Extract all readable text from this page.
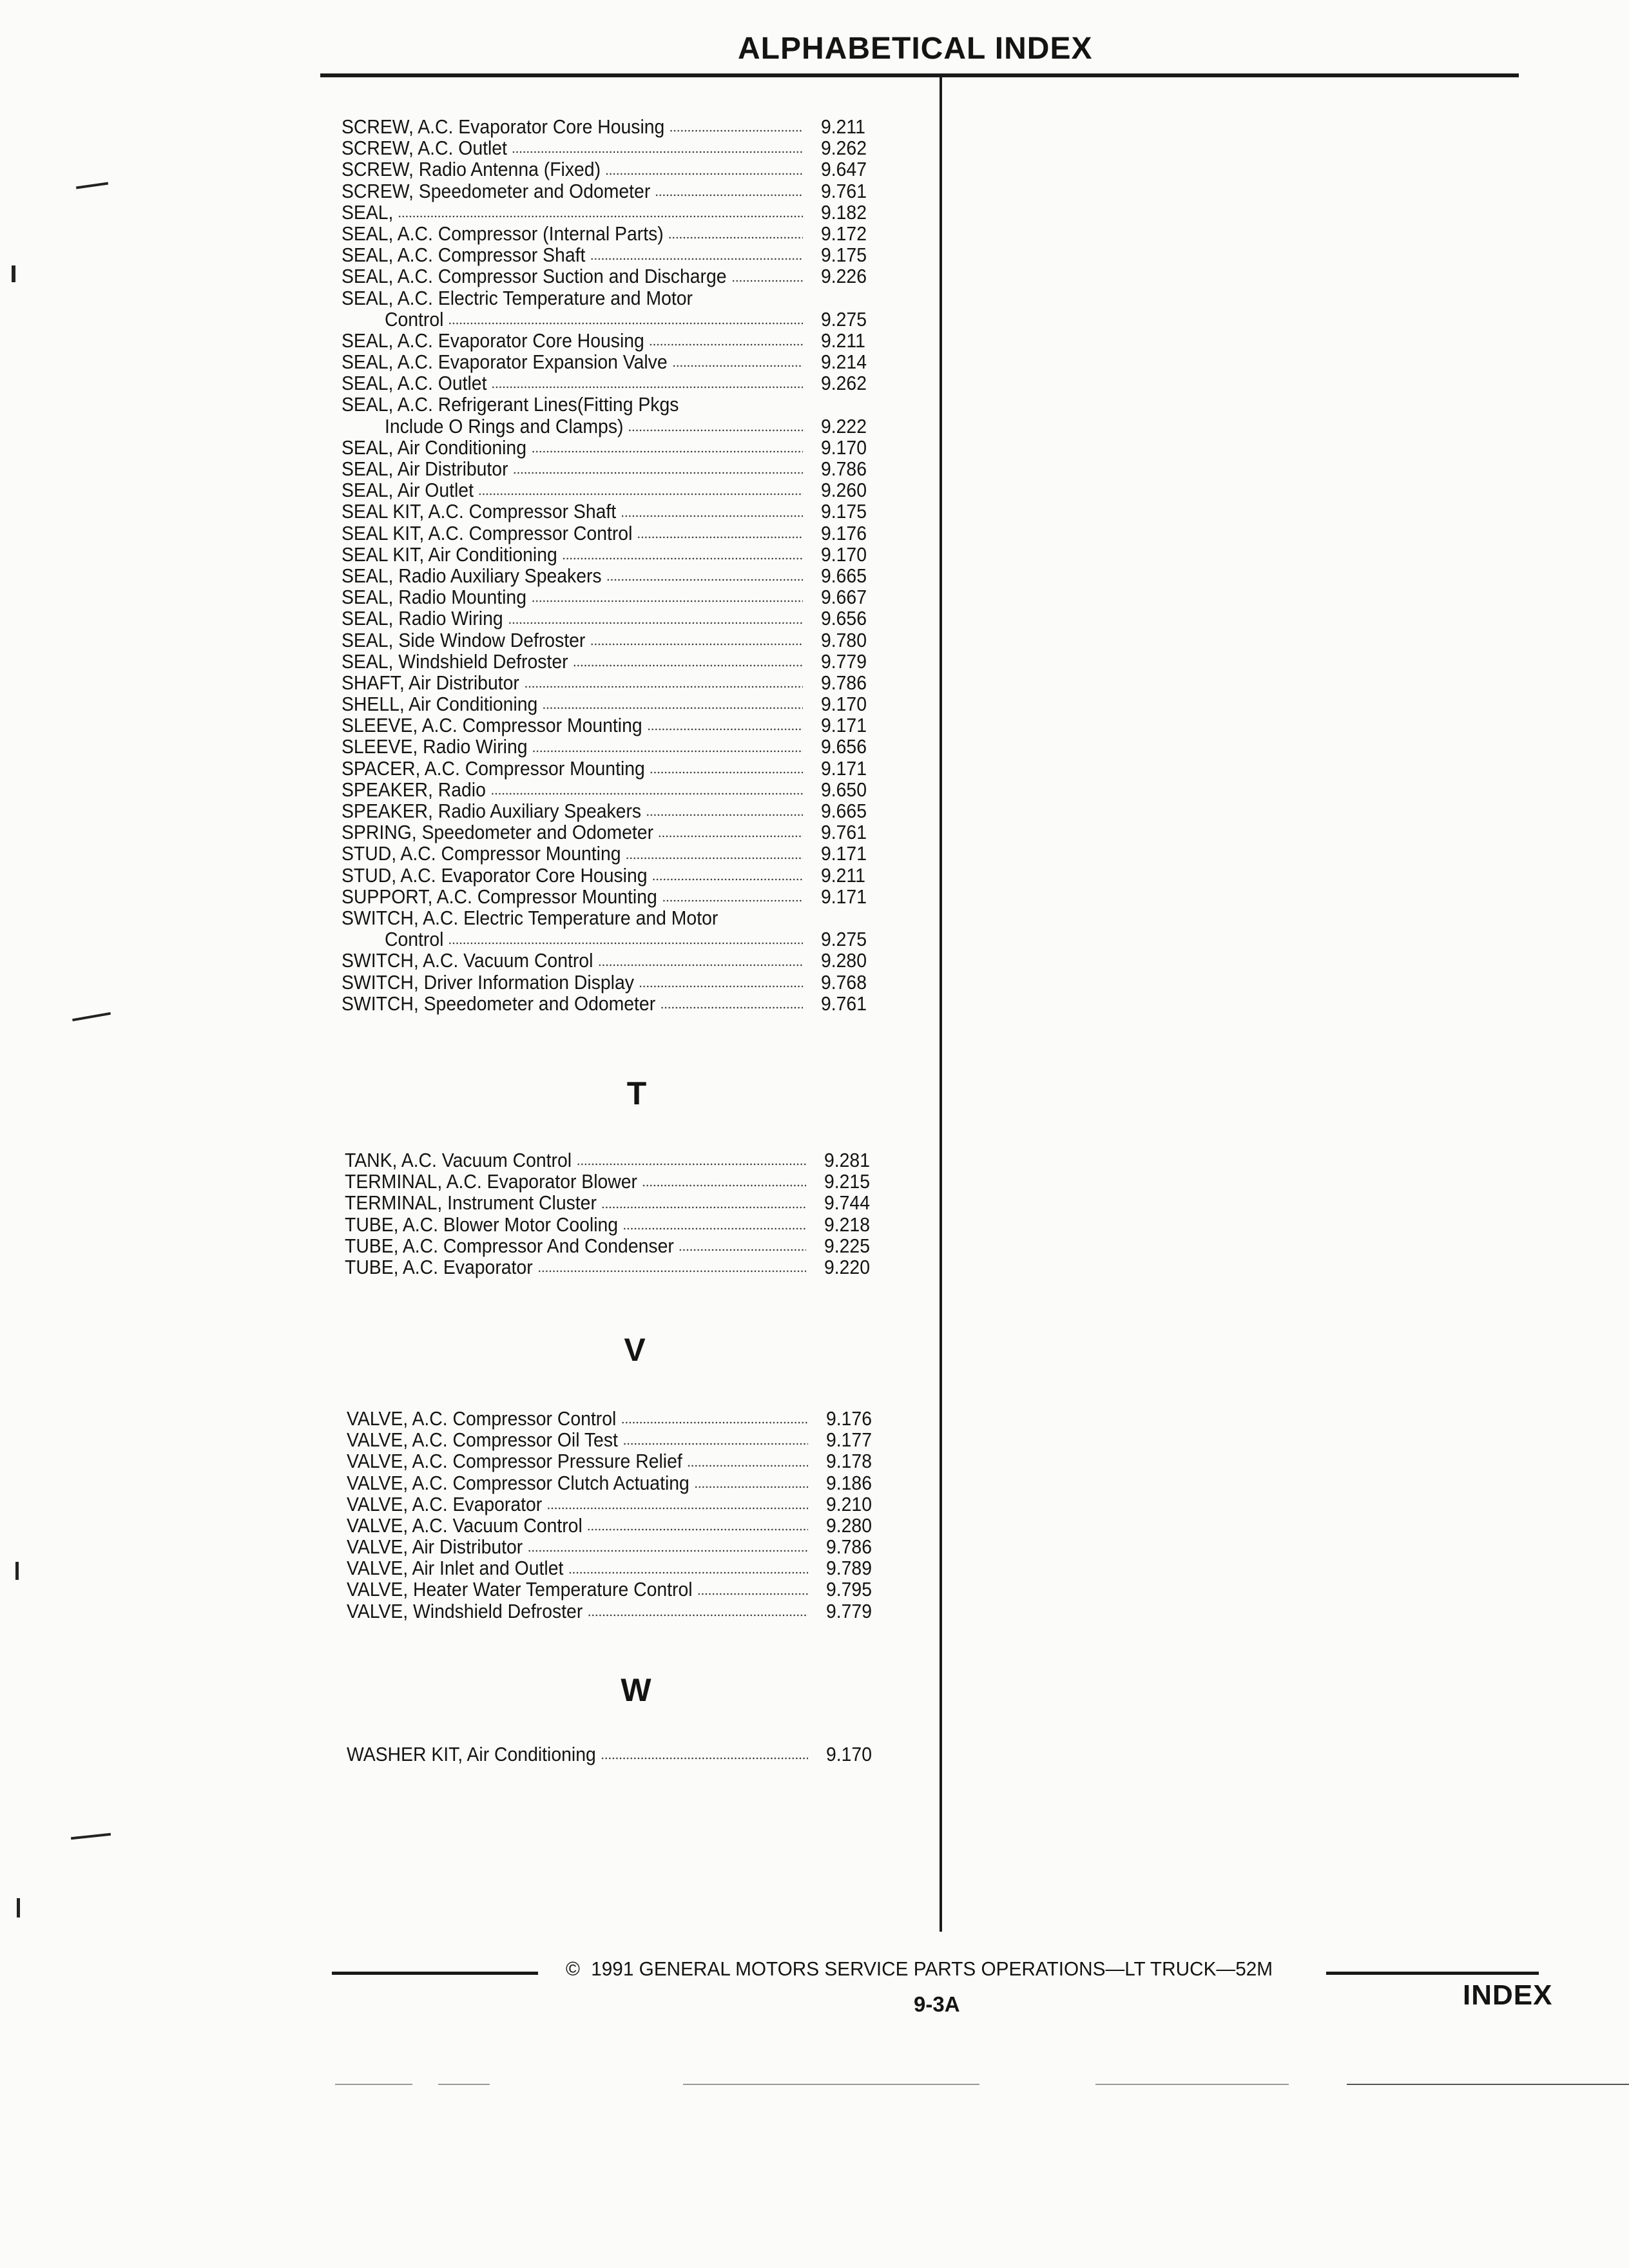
ALPHABETICAL INDEX
SCREW, A.C. Evaporator Core Housing	9.211
SCREW, A.C. Outlet	9.262
SCREW, Radio Antenna (Fixed)	9.647
SCREW, Speedometer and Odometer	9.761
SEAL,	9.182
SEAL, A.C. Compressor (Internal Parts)	9.172
SEAL, A.C. Compressor Shaft	9.175
SEAL, A.C. Compressor Suction and Discharge	9.226
SEAL, A.C. Electric Temperature and Motor
Control	9.275
SEAL, A.C. Evaporator Core Housing	9.211
SEAL, A.C. Evaporator Expansion Valve	9.214
SEAL, A.C. Outlet	9.262
SEAL, A.C. Refrigerant Lines(Fitting Pkgs
Include O Rings and Clamps)	9.222
SEAL, Air Conditioning	9.170
SEAL, Air Distributor	9.786
SEAL, Air Outlet	9.260
SEAL KIT, A.C. Compressor Shaft	9.175
SEAL KIT, A.C. Compressor Control	9.176
SEAL KIT, Air Conditioning	9.170
SEAL, Radio Auxiliary Speakers	9.665
SEAL, Radio Mounting	9.667
SEAL, Radio Wiring	9.656
SEAL, Side Window Defroster	9.780
SEAL, Windshield Defroster	9.779
SHAFT, Air Distributor	9.786
SHELL, Air Conditioning	9.170
SLEEVE, A.C. Compressor Mounting	9.171
SLEEVE, Radio Wiring	9.656
SPACER, A.C. Compressor Mounting	9.171
SPEAKER, Radio	9.650
SPEAKER, Radio Auxiliary Speakers	9.665
SPRING, Speedometer and Odometer	9.761
STUD, A.C. Compressor Mounting	9.171
STUD, A.C. Evaporator Core Housing	9.211
SUPPORT, A.C. Compressor Mounting	9.171
SWITCH, A.C. Electric Temperature and Motor
Control	9.275
SWITCH, A.C. Vacuum Control	9.280
SWITCH, Driver Information Display	9.768
SWITCH, Speedometer and Odometer	9.761
T
TANK, A.C. Vacuum Control	9.281
TERMINAL, A.C. Evaporator Blower	9.215
TERMINAL, Instrument Cluster	9.744
TUBE, A.C. Blower Motor Cooling	9.218
TUBE, A.C. Compressor And Condenser	9.225
TUBE, A.C. Evaporator	9.220
V
VALVE, A.C. Compressor Control	9.176
VALVE, A.C. Compressor Oil Test	9.177
VALVE, A.C. Compressor Pressure Relief	9.178
VALVE, A.C. Compressor Clutch Actuating	9.186
VALVE, A.C. Evaporator	9.210
VALVE, A.C. Vacuum Control	9.280
VALVE, Air Distributor	9.786
VALVE, Air Inlet and Outlet	9.789
VALVE, Heater Water Temperature Control	9.795
VALVE, Windshield Defroster	9.779
W
WASHER KIT, Air Conditioning	9.170
© 1991 GENERAL MOTORS SERVICE PARTS OPERATIONS—LT TRUCK—52M
9-3A	INDEX
